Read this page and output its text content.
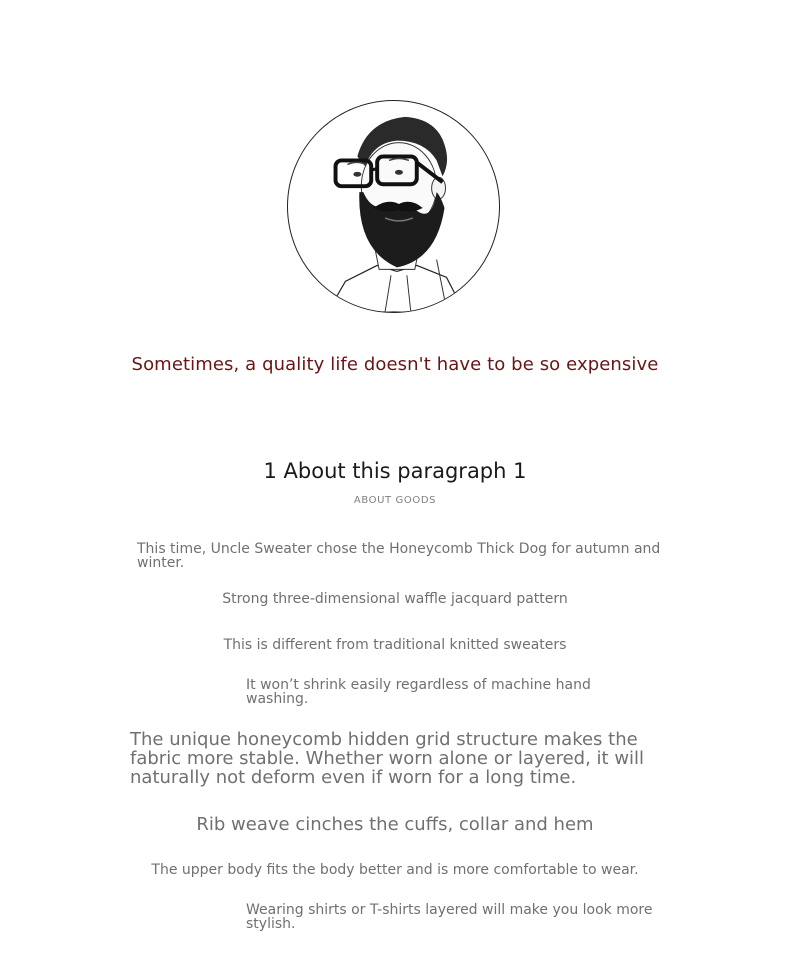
Sometimes, a quality life doesn't have to be so expensive
1 About this paragraph 1
ABOUT GOODS
This time, Uncle Sweater chose the Honeycomb Thick Dog for autumn and winter.
Strong three-dimensional waffle jacquard pattern
This is different from traditional knitted sweaters
It won’t shrink easily regardless of machine hand washing.
The unique honeycomb hidden grid structure makes the fabric more stable. Whether worn alone or layered, it will naturally not deform even if worn for a long time.
Rib weave cinches the cuffs, collar and hem
The upper body fits the body better and is more comfortable to wear.
Wearing shirts or T-shirts layered will make you look more stylish.
